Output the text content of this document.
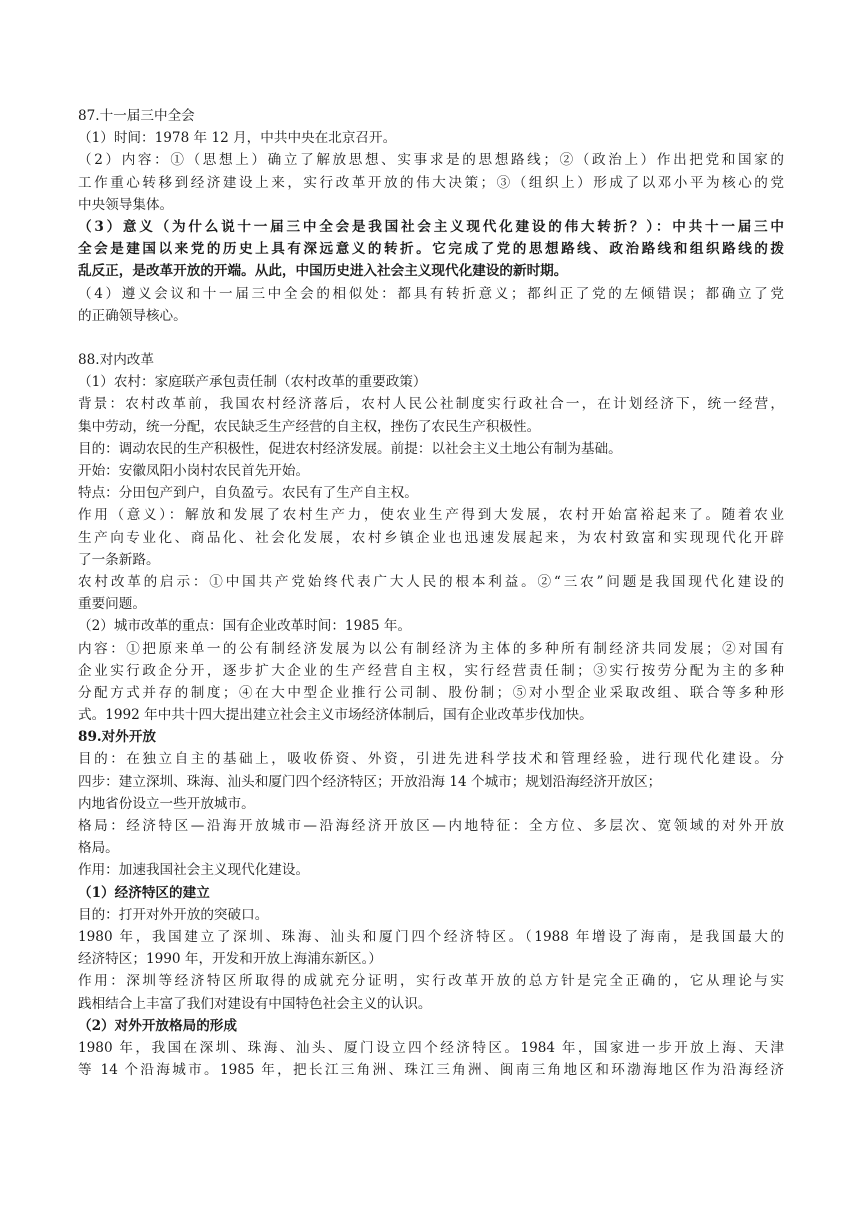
87.十一届三中全会
（1）时间：1978 年 12 月，中共中央在北京召开。
（2）内容：①（思想上）确立了解放思想、实事求是的思想路线；②（政治上）作出把党和国家的
工作重心转移到经济建设上来，实行改革开放的伟大决策；③（组织上）形成了以邓小平为核心的党
中央领导集体。
（3）意义（为什么说十一届三中全会是我国社会主义现代化建设的伟大转折？）：中共十一届三中
全会是建国以来党的历史上具有深远意义的转折。它完成了党的思想路线、政治路线和组织路线的拨
乱反正，是改革开放的开端。从此，中国历史进入社会主义现代化建设的新时期。
（4）遵义会议和十一届三中全会的相似处：都具有转折意义；都纠正了党的左倾错误；都确立了党
的正确领导核心。
88.对内改革
（1）农村：家庭联产承包责任制（农村改革的重要政策）
背景：农村改革前，我国农村经济落后，农村人民公社制度实行政社合一，在计划经济下，统一经营，
集中劳动，统一分配，农民缺乏生产经营的自主权，挫伤了农民生产积极性。
目的：调动农民的生产积极性，促进农村经济发展。前提：以社会主义土地公有制为基础。
开始：安徽凤阳小岗村农民首先开始。
特点：分田包产到户，自负盈亏。农民有了生产自主权。
作用（意义）：解放和发展了农村生产力，使农业生产得到大发展，农村开始富裕起来了。随着农业
生产向专业化、商品化、社会化发展，农村乡镇企业也迅速发展起来，为农村致富和实现现代化开辟
了一条新路。
农村改革的启示：①中国共产党始终代表广大人民的根本利益。②“三农”问题是我国现代化建设的
重要问题。
（2）城市改革的重点：国有企业改革时间：1985 年。
内容：①把原来单一的公有制经济发展为以公有制经济为主体的多种所有制经济共同发展；②对国有
企业实行政企分开，逐步扩大企业的生产经营自主权，实行经营责任制；③实行按劳分配为主的多种
分配方式并存的制度；④在大中型企业推行公司制、股份制；⑤对小型企业采取改组、联合等多种形
式。1992 年中共十四大提出建立社会主义市场经济体制后，国有企业改革步伐加快。
89.对外开放
目的：在独立自主的基础上，吸收侨资、外资，引进先进科学技术和管理经验，进行现代化建设。分
四步：建立深圳、珠海、汕头和厦门四个经济特区；开放沿海 14 个城市；规划沿海经济开放区；
内地省份设立一些开放城市。
格局：经济特区—沿海开放城市—沿海经济开放区—内地特征：全方位、多层次、宽领域的对外开放
格局。
作用：加速我国社会主义现代化建设。
（1）经济特区的建立
目的：打开对外开放的突破口。
1980 年，我国建立了深圳、珠海、汕头和厦门四个经济特区。（1988 年增设了海南，是我国最大的
经济特区；1990 年，开发和开放上海浦东新区。）
作用：深圳等经济特区所取得的成就充分证明，实行改革开放的总方针是完全正确的，它从理论与实
践相结合上丰富了我们对建设有中国特色社会主义的认识。
（2）对外开放格局的形成
1980 年，我国在深圳、珠海、汕头、厦门设立四个经济特区。1984 年，国家进一步开放上海、天津
等 14 个沿海城市。1985 年，把长江三角洲、珠江三角洲、闽南三角地区和环渤海地区作为沿海经济
